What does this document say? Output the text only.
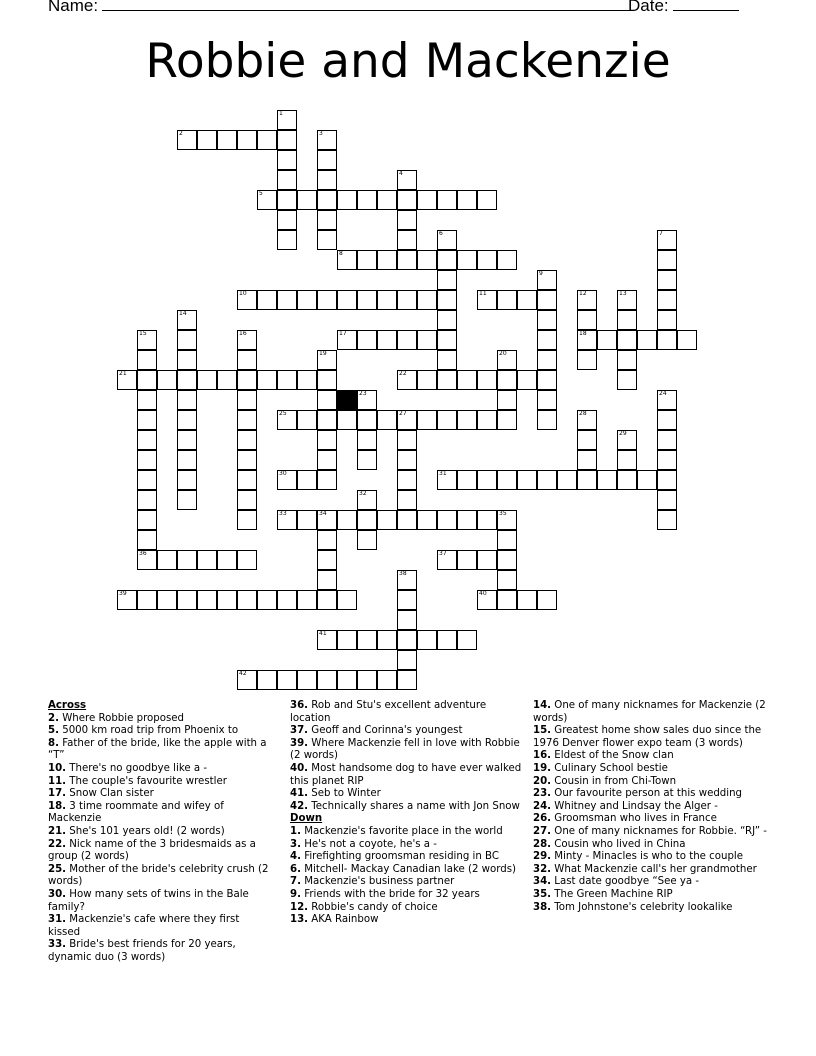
Name:	Date:
Robbie and Mackenzie
1
2	3
4
5
6	7
8
9
10	11	12
18
13
14
15	16	17
19	20
21	22
23	24
25	27	28
29
30	31
32
33	34	35
36	37
38
39	40
41
42
Across
2. Where Robbie proposed
5. 5000 km road trip from Phoenix to
8. Father of the bride, like the apple with a “T”
10. There's no goodbye like a -
11. The couple's favourite wrestler
17. Snow Clan sister
18. 3 time roommate and wifey of Mackenzie
21. She's 101 years old! (2 words)
22. Nick name of the 3 bridesmaids as a group (2 words)
25. Mother of the bride's celebrity crush (2 words)
30. How many sets of twins in the Bale family?
31. Mackenzie's cafe where they first kissed
33. Bride's best friends for 20 years, dynamic duo (3 words)
36. Rob and Stu's excellent adventure location
37. Geoff and Corinna's youngest
39. Where Mackenzie fell in love with Robbie (2 words)
40. Most handsome dog to have ever walked this planet RIP
41. Seb to Winter
42. Technically shares a name with Jon Snow
Down
1. Mackenzie's favorite place in the world
3. He's not a coyote, he's a -
4. Firefighting groomsman residing in BC
6. Mitchell- Mackay Canadian lake (2 words)
7. Mackenzie's business partner
9. Friends with the bride for 32 years
12. Robbie's candy of choice
13. AKA Rainbow
14. One of many nicknames for Mackenzie (2 words)
15. Greatest home show sales duo since the 1976 Denver flower expo team (3 words)
16. Eldest of the Snow clan
19. Culinary School bestie
20. Cousin in from Chi-Town
23. Our favourite person at this wedding
24. Whitney and Lindsay the Alger -
26. Groomsman who lives in France
27. One of many nicknames for Robbie. “RJ” -
28. Cousin who lived in China
29. Minty - Minacles is who to the couple
32. What Mackenzie call's her grandmother
34. Last date goodbye “See ya -
35. The Green Machine RIP
38. Tom Johnstone's celebrity lookalike
